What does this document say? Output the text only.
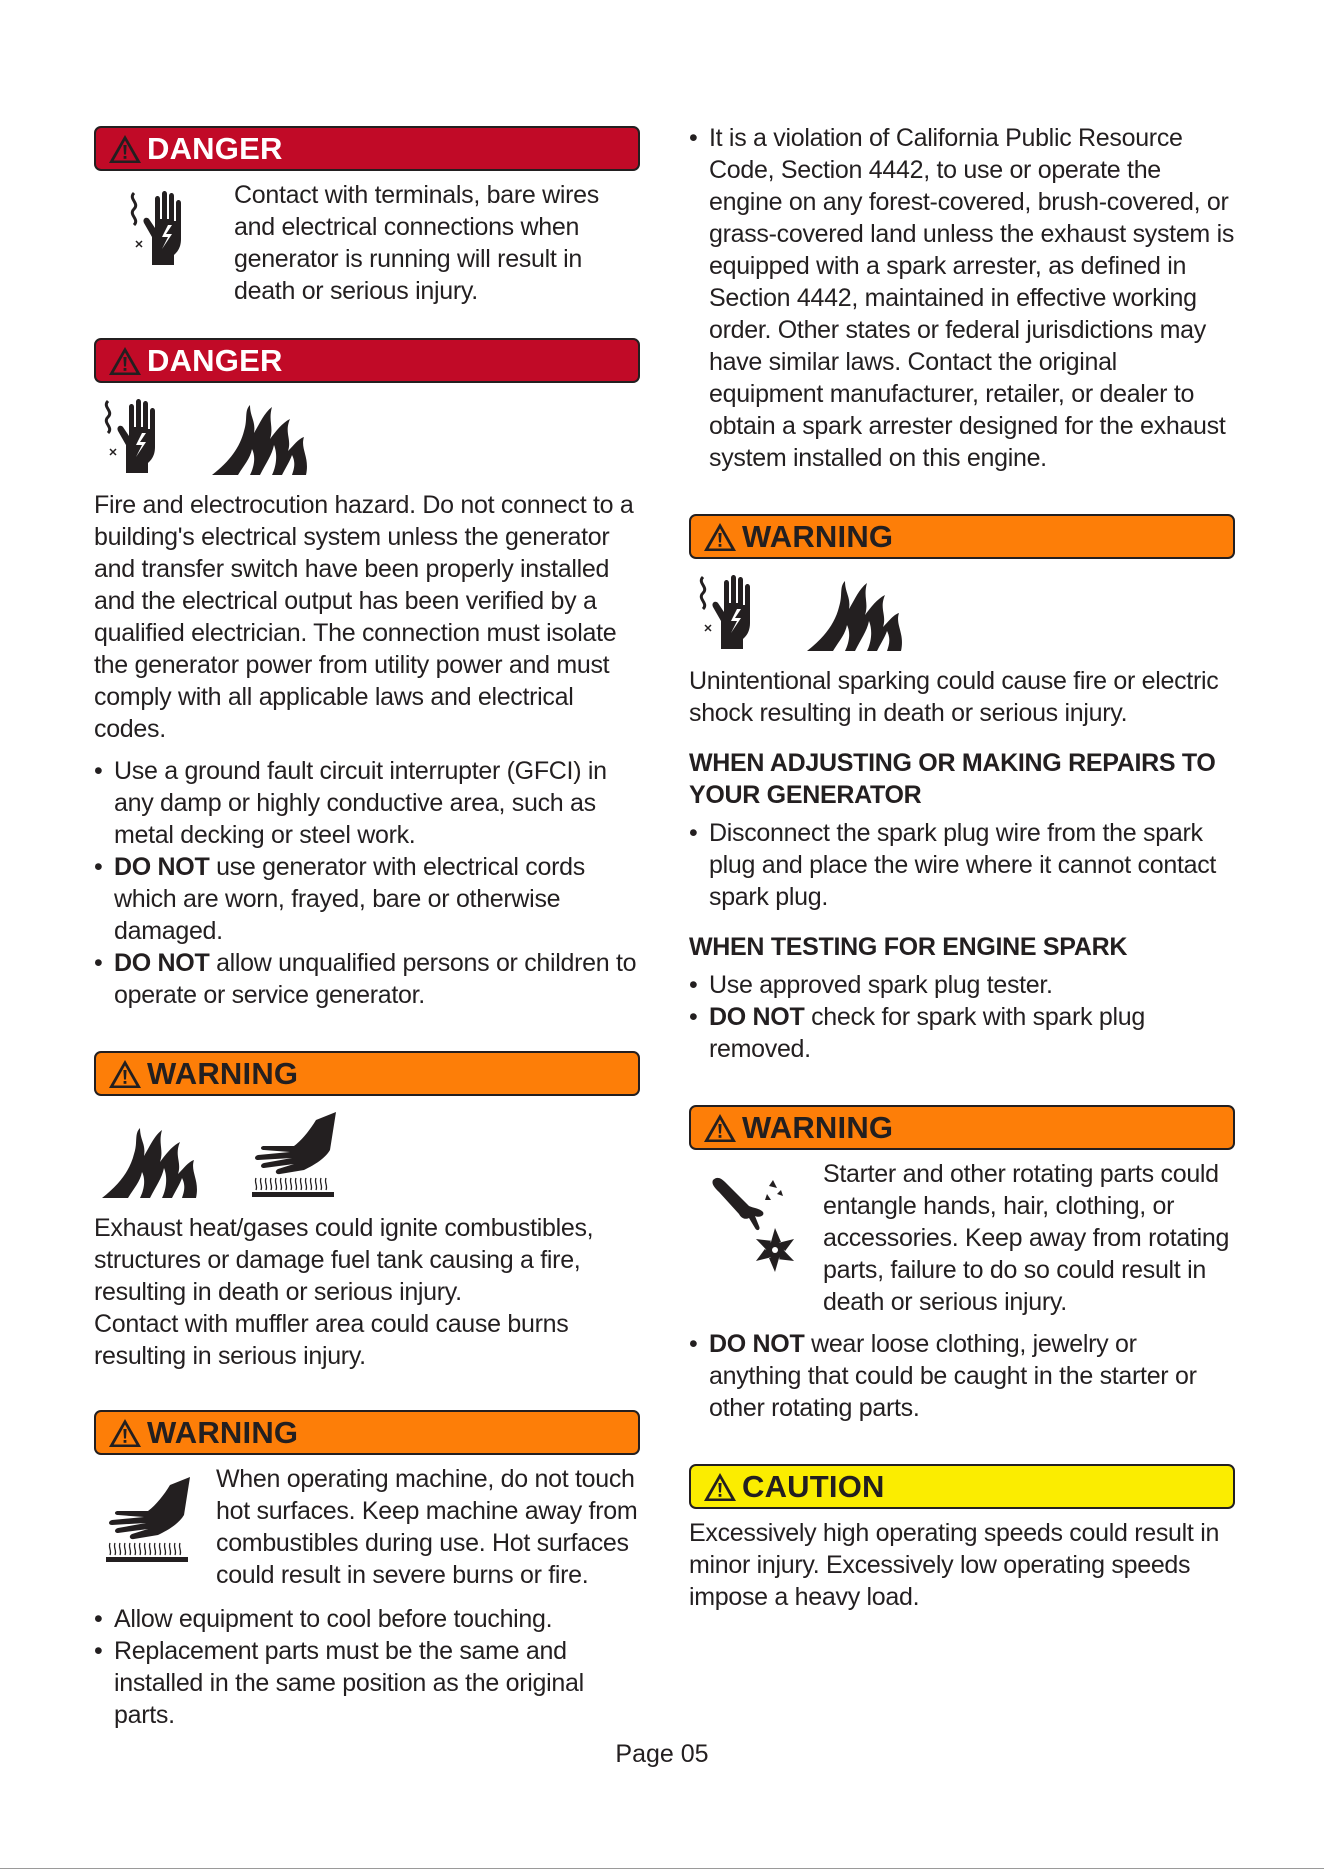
DANGER

Contact with terminals, bare wires and electrical connections when generator is running will result in death or serious injury.

DANGER

Fire and electrocution hazard. Do not connect to a building's electrical system unless the generator and transfer switch have been properly installed and the electrical output has been verified by a qualified electrician. The connection must isolate the generator power from utility power and must comply with all applicable laws and electrical codes.

• Use a ground fault circuit interrupter (GFCI) in any damp or highly conductive area, such as metal decking or steel work.
• DO NOT use generator with electrical cords which are worn, frayed, bare or otherwise damaged.
• DO NOT allow unqualified persons or children to operate or service generator.
WARNING

Exhaust heat/gases could ignite combustibles, structures or damage fuel tank causing a fire, resulting in death or serious injury.

Contact with muffler area could cause burns resulting in serious injury.

WARNING

When operating machine, do not touch hot surfaces. Keep machine away from combustibles during use. Hot surfaces could result in severe burns or fire.

• Allow equipment to cool before touching.
• Replacement parts must be the same and installed in the same position as the original parts.
• It is a violation of California Public Resource Code, Section 4442, to use or operate the engine on any forest-covered, brush-covered, or grass-covered land unless the exhaust system is equipped with a spark arrester, as defined in Section 4442, maintained in effective working order. Other states or federal jurisdictions may have similar laws. Contact the original equipment manufacturer, retailer, or dealer to obtain a spark arrester designed for the exhaust system installed on this engine.
WARNING

Unintentional sparking could cause fire or electric shock resulting in death or serious injury.

WHEN ADJUSTING OR MAKING REPAIRS TO YOUR GENERATOR
• Disconnect the spark plug wire from the spark plug and place the wire where it cannot contact spark plug.
WHEN TESTING FOR ENGINE SPARK
• Use approved spark plug tester.
• DO NOT check for spark with spark plug removed.
WARNING

Starter and other rotating parts could entangle hands, hair, clothing, or accessories. Keep away from rotating parts, failure to do so could result in death or serious injury.

• DO NOT wear loose clothing, jewelry or anything that could be caught in the starter or other rotating parts.
CAUTION

Excessively high operating speeds could result in minor injury. Excessively low operating speeds impose a heavy load.

Page 05
